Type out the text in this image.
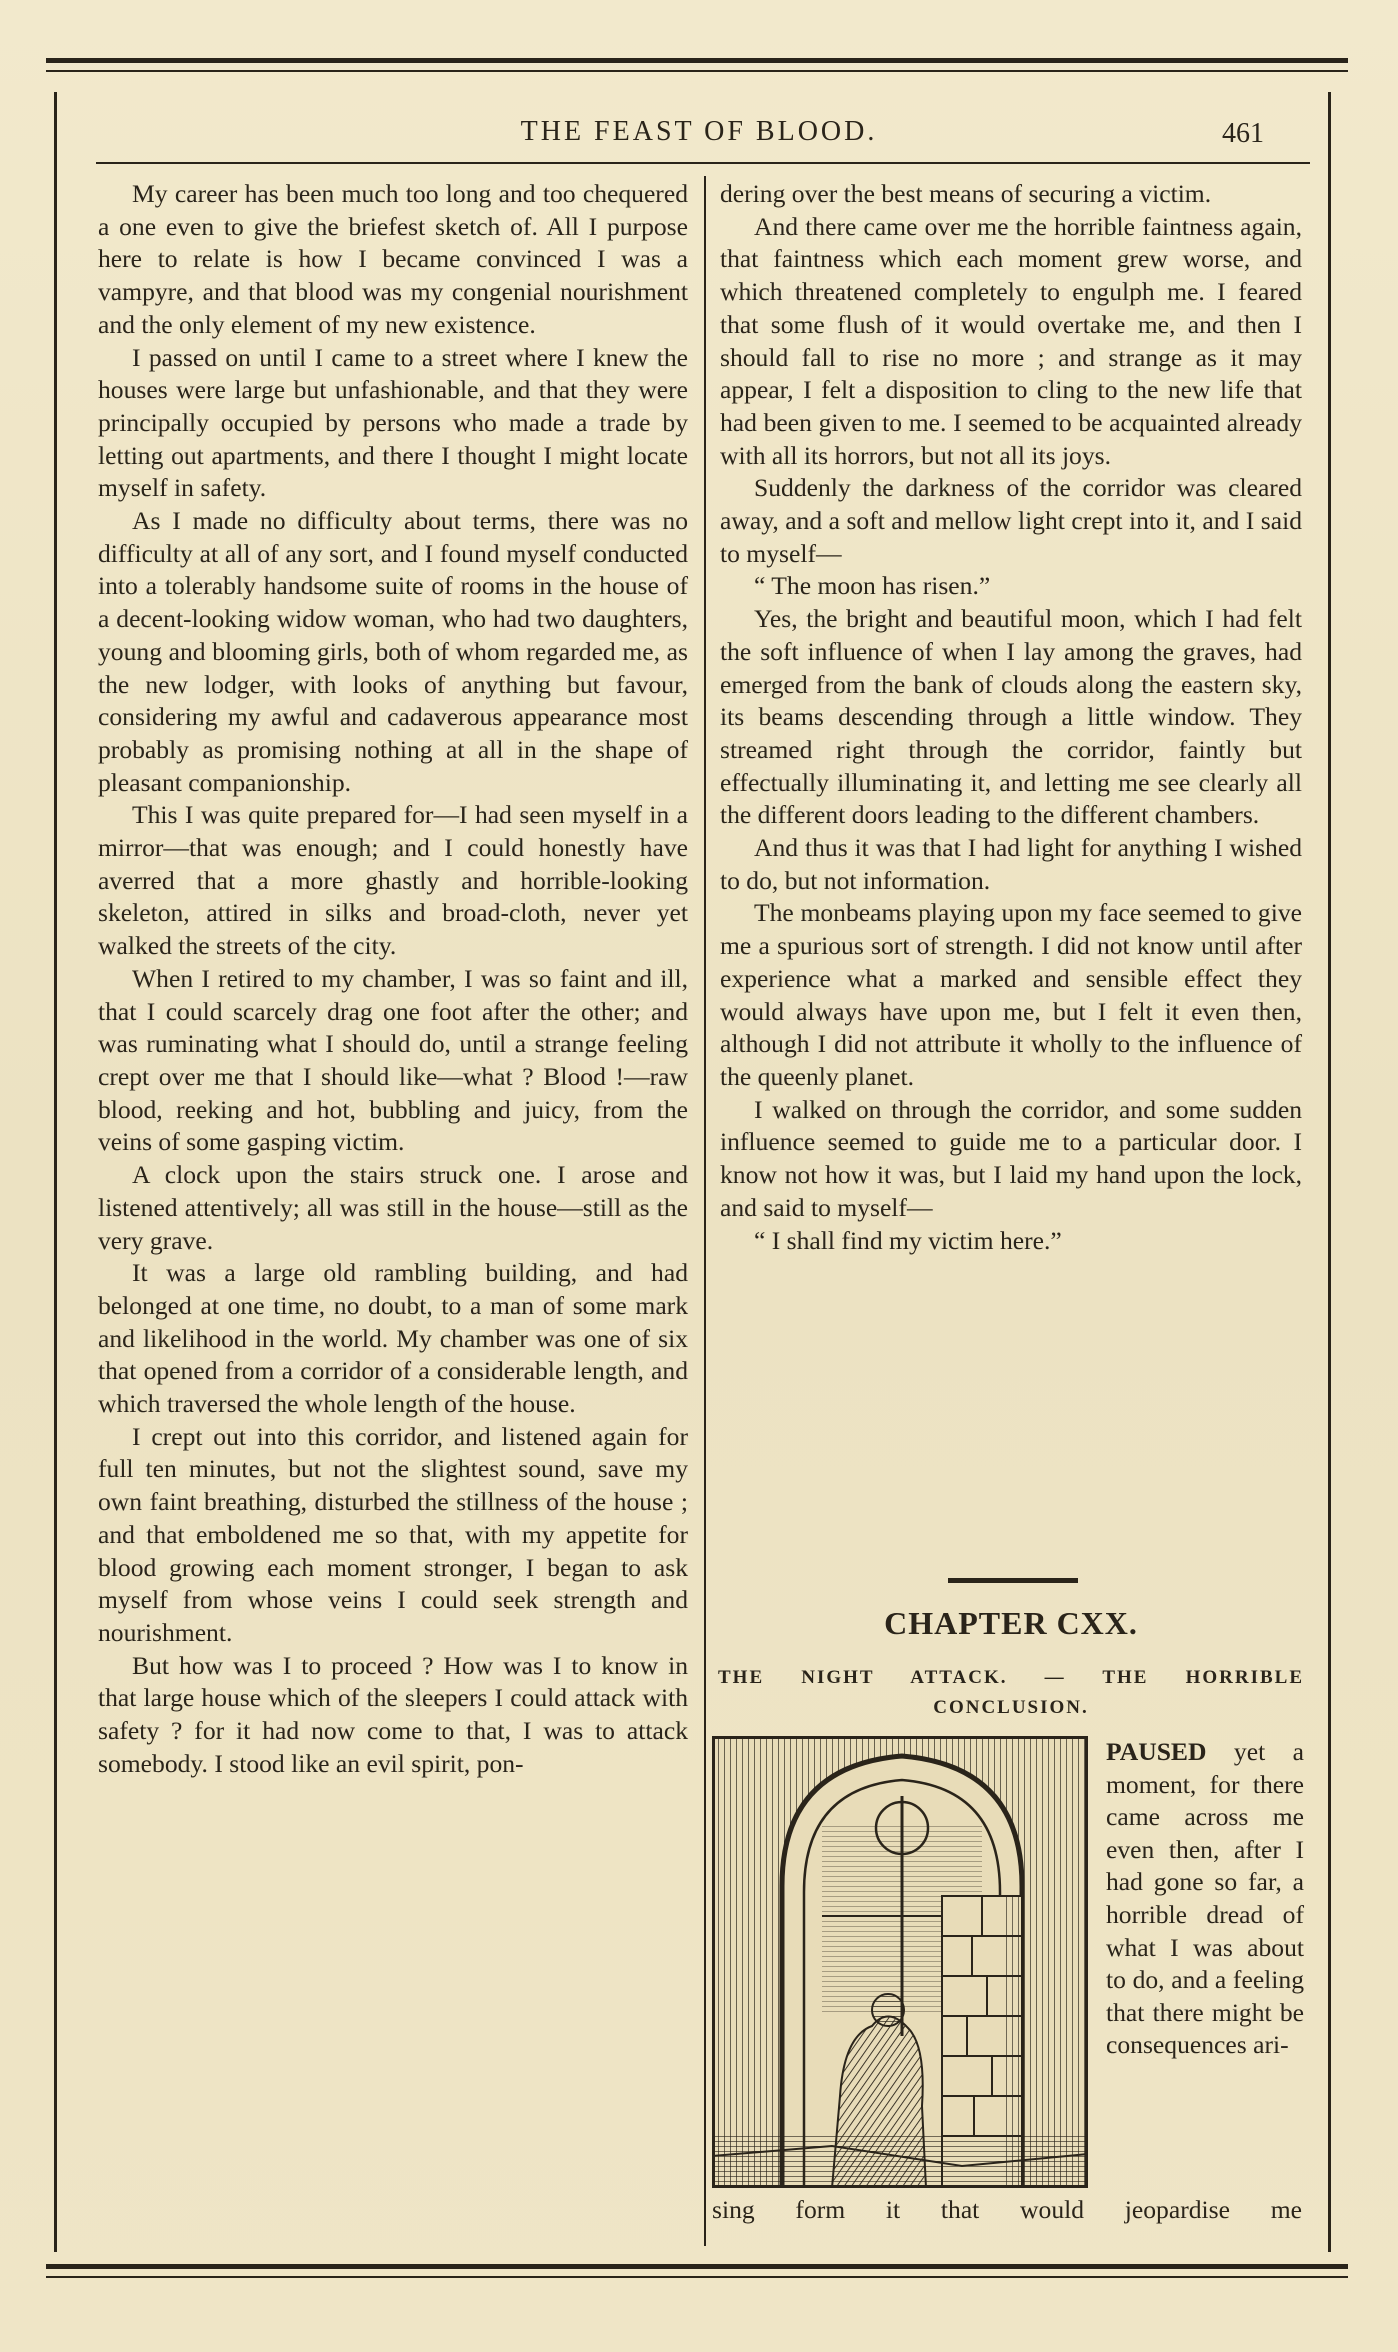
THE FEAST OF BLOOD.	461

My career has been much too long and too chequered a one even to give the briefest sketch of. All I purpose here to relate is how I became convinced I was a vampyre, and that blood was my congenial nourishment and the only element of my new existence.

I passed on until I came to a street where I knew the houses were large but unfashionable, and that they were principally occupied by persons who made a trade by letting out apartments, and there I thought I might locate myself in safety.

As I made no difficulty about terms, there was no difficulty at all of any sort, and I found myself conducted into a tolerably handsome suite of rooms in the house of a decent-looking widow woman, who had two daughters, young and blooming girls, both of whom regarded me, as the new lodger, with looks of anything but favour, considering my awful and cadaverous appearance most probably as promising nothing at all in the shape of pleasant companionship.

This I was quite prepared for—I had seen myself in a mirror—that was enough; and I could honestly have averred that a more ghastly and horrible-looking skeleton, attired in silks and broad-cloth, never yet walked the streets of the city.

When I retired to my chamber, I was so faint and ill, that I could scarcely drag one foot after the other; and was ruminating what I should do, until a strange feeling crept over me that I should like—what ? Blood !—raw blood, reeking and hot, bubbling and juicy, from the veins of some gasping victim.

A clock upon the stairs struck one. I arose and listened attentively; all was still in the house—still as the very grave.

It was a large old rambling building, and had belonged at one time, no doubt, to a man of some mark and likelihood in the world. My chamber was one of six that opened from a corridor of a considerable length, and which traversed the whole length of the house.

I crept out into this corridor, and listened again for full ten minutes, but not the slightest sound, save my own faint breathing, disturbed the stillness of the house ; and that emboldened me so that, with my appetite for blood growing each moment stronger, I began to ask myself from whose veins I could seek strength and nourishment.

But how was I to proceed ? How was I to know in that large house which of the sleepers I could attack with safety ? for it had now come to that, I was to attack somebody. I stood like an evil spirit, pon-

dering over the best means of securing a victim.

And there came over me the horrible faintness again, that faintness which each moment grew worse, and which threatened completely to engulph me. I feared that some flush of it would overtake me, and then I should fall to rise no more ; and strange as it may appear, I felt a disposition to cling to the new life that had been given to me. I seemed to be acquainted already with all its horrors, but not all its joys.

Suddenly the darkness of the corridor was cleared away, and a soft and mellow light crept into it, and I said to myself—

“ The moon has risen.”

Yes, the bright and beautiful moon, which I had felt the soft influence of when I lay among the graves, had emerged from the bank of clouds along the eastern sky, its beams descending through a little window. They streamed right through the corridor, faintly but effectually illuminating it, and letting me see clearly all the different doors leading to the different chambers.

And thus it was that I had light for anything I wished to do, but not information.

The monbeams playing upon my face seemed to give me a spurious sort of strength. I did not know until after experience what a marked and sensible effect they would always have upon me, but I felt it even then, although I did not attribute it wholly to the influence of the queenly planet.

I walked on through the corridor, and some sudden influence seemed to guide me to a particular door. I know not how it was, but I laid my hand upon the lock, and said to myself—

“ I shall find my victim here.”

CHAPTER CXX.
THE NIGHT ATTACK. — THE HORRIBLE CONCLUSION.
PAUSED yet a moment, for there came across me even then, after I had gone so far, a horrible dread of what I was about to do, and a feeling that there might be consequences ari-
sing form it that would jeopardise me
